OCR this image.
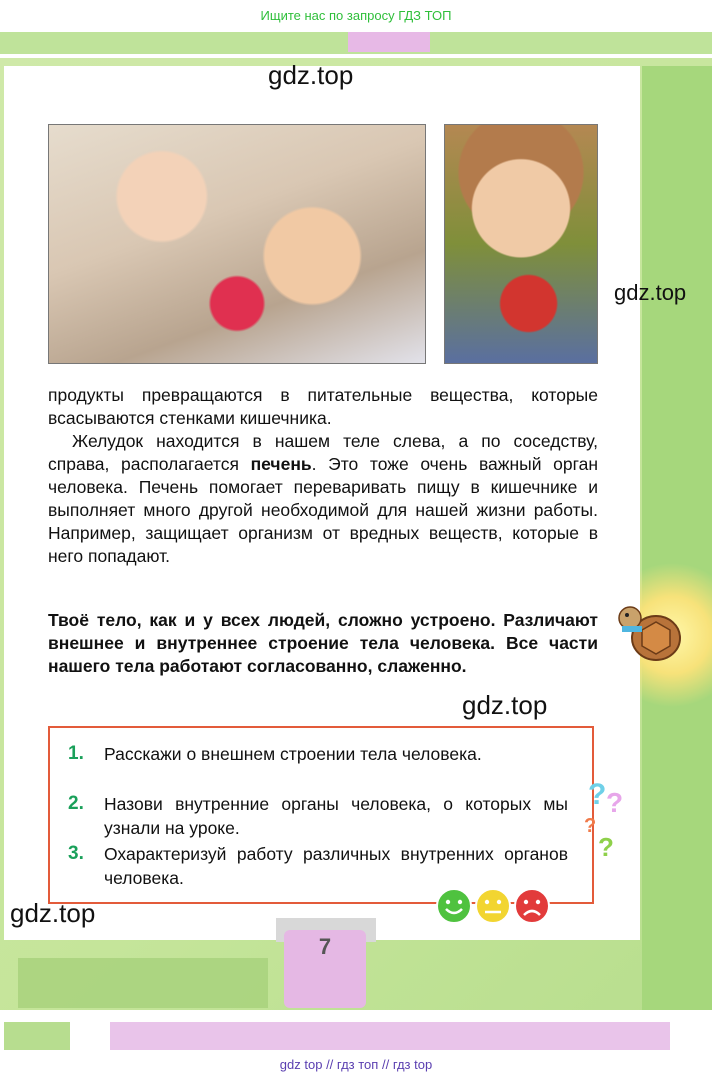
Ищите нас по запросу ГДЗ ТОП

продукты превращаются в питательные вещества, которые всасываются стенками кишечника.

Желудок находится в нашем теле слева, а по соседству, справа, располагается печень. Это тоже очень важный орган человека. Печень помогает переваривать пищу в кишечнике и выполняет много другой необходимой для нашей жизни работы. Например, защищает организм от вредных веществ, которые в него попадают.

Твоё тело, как и у всех людей, сложно устроено. Различают внешнее и внутреннее строение тела человека. Все части нашего тела работают согласованно, слаженно.

1. Расскажи о внешнем строении тела человека.
2. Назови внутренние органы человека, о которых мы узнали на уроке.
3. Охарактеризуй работу различных внутренних органов человека.
? ?
?
?
7
gdz.top
gdz.top
gdz.top
gdz.top
gdz top // гдз топ // гдз top
